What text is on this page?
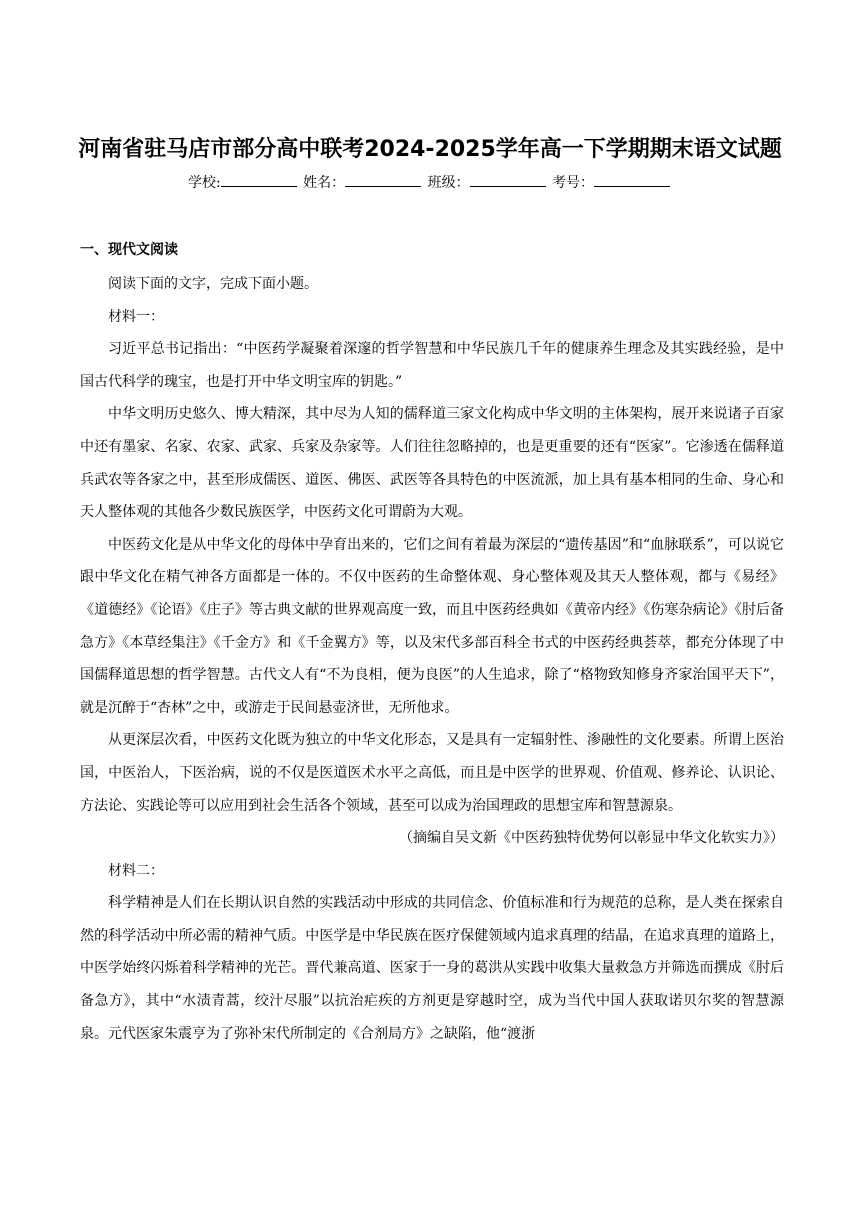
河南省驻马店市部分高中联考2024-2025学年高一下学期期末语文试题
学校:	姓名：	班级：	考号：
一、现代文阅读

阅读下面的文字，完成下面小题。

材料一：

习近平总书记指出：“中医药学凝聚着深邃的哲学智慧和中华民族几千年的健康养生理念及其实践经验，是中国古代科学的瑰宝，也是打开中华文明宝库的钥匙。”

中华文明历史悠久、博大精深，其中尽为人知的儒释道三家文化构成中华文明的主体架构，展开来说诸子百家中还有墨家、名家、农家、武家、兵家及杂家等。人们往往忽略掉的，也是更重要的还有“医家”。它渗透在儒释道兵武农等各家之中，甚至形成儒医、道医、佛医、武医等各具特色的中医流派，加上具有基本相同的生命、身心和天人整体观的其他各少数民族医学，中医药文化可谓蔚为大观。

中医药文化是从中华文化的母体中孕育出来的，它们之间有着最为深层的“遗传基因”和“血脉联系”，可以说它跟中华文化在精气神各方面都是一体的。不仅中医药的生命整体观、身心整体观及其天人整体观，都与《易经》《道德经》《论语》《庄子》等古典文献的世界观高度一致，而且中医药经典如《黄帝内经》《伤寒杂病论》《肘后备急方》《本草经集注》《千金方》和《千金翼方》等，以及宋代多部百科全书式的中医药经典荟萃，都充分体现了中国儒释道思想的哲学智慧。古代文人有“不为良相，便为良医”的人生追求，除了“格物致知修身齐家治国平天下”，就是沉醉于“杏林”之中，或游走于民间悬壶济世，无所他求。

从更深层次看，中医药文化既为独立的中华文化形态，又是具有一定辐射性、渗融性的文化要素。所谓上医治国，中医治人，下医治病，说的不仅是医道医术水平之高低，而且是中医学的世界观、价值观、修养论、认识论、方法论、实践论等可以应用到社会生活各个领域，甚至可以成为治国理政的思想宝库和智慧源泉。

（摘编自吴文新《中医药独特优势何以彰显中华文化软实力》）

材料二：

科学精神是人们在长期认识自然的实践活动中形成的共同信念、价值标准和行为规范的总称，是人类在探索自然的科学活动中所必需的精神气质。中医学是中华民族在医疗保健领域内追求真理的结晶，在追求真理的道路上，中医学始终闪烁着科学精神的光芒。晋代兼高道、医家于一身的葛洪从实践中收集大量救急方并筛选而撰成《肘后备急方》，其中“水渍青蒿，绞汁尽服”以抗治疟疾的方剂更是穿越时空，成为当代中国人获取诺贝尔奖的智慧源泉。元代医家朱震亨为了弥补宋代所制定的《合剂局方》之缺陷，他“渡浙
